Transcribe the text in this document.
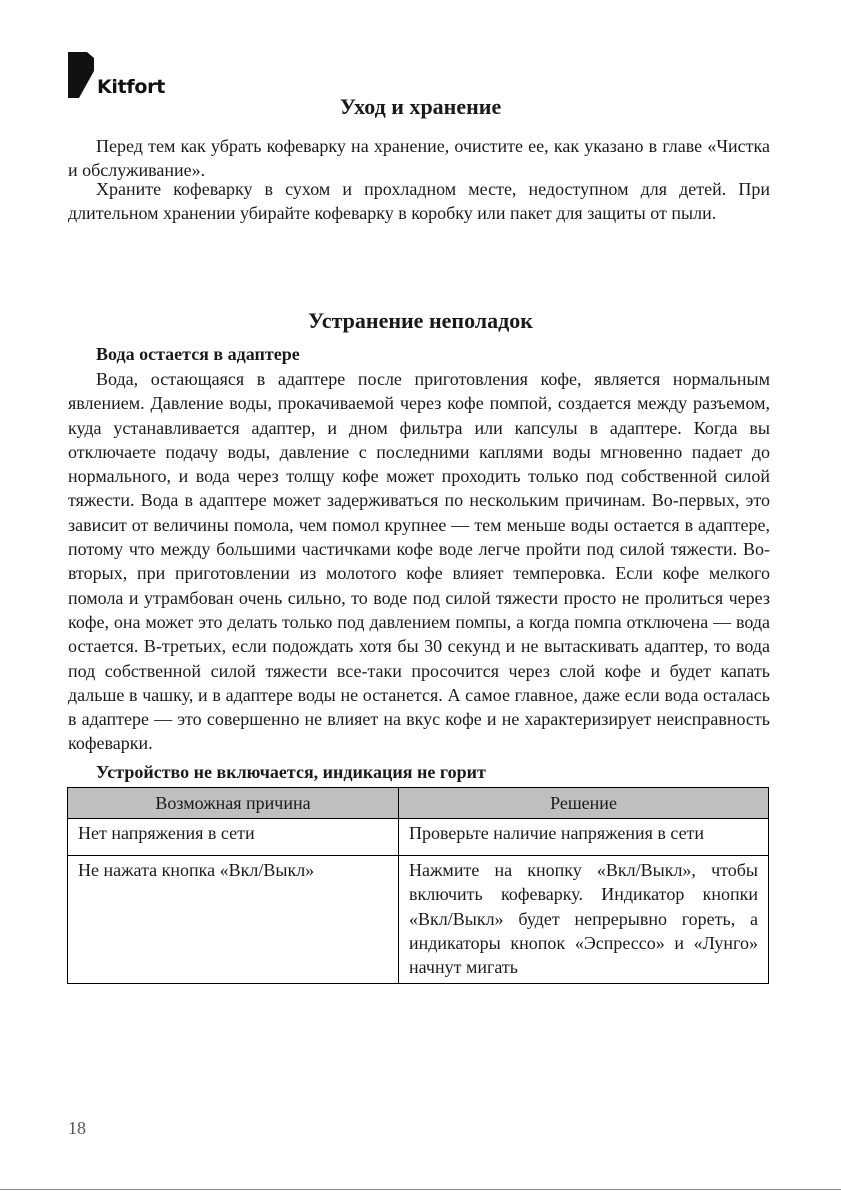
Kitfort
Уход и хранение

Перед тем как убрать кофеварку на хранение, очистите ее, как указано в главе «Чистка и обслуживание».

Храните кофеварку в сухом и прохладном месте, недоступном для детей. При длительном хранении убирайте кофеварку в коробку или пакет для защиты от пыли.

Устранение неполадок
Вода остается в адаптере

Вода, остающаяся в адаптере после приготовления кофе, является нормальным явлением. Давление воды, прокачиваемой через кофе помпой, создается между разъемом, куда устанавливается адаптер, и дном фильтра или капсулы в адаптере. Когда вы отключаете подачу воды, давление с последними каплями воды мгновенно падает до нормального, и вода через толщу кофе может проходить только под собственной силой тяжести. Вода в адаптере может задерживаться по нескольким причинам. Во-первых, это зависит от величины помола, чем помол крупнее — тем меньше воды остается в адаптере, потому что между большими частичками кофе воде легче пройти под силой тяжести. Во-вторых, при приготовлении из молотого кофе влияет темперовка. Если кофе мелкого помола и утрамбован очень сильно, то воде под силой тяжести просто не пролиться через кофе, она может это делать только под давлением помпы, а когда помпа отключена — вода остается. В-третьих, если подождать хотя бы 30 секунд и не вытаскивать адаптер, то вода под собственной силой тяжести все-таки просочится через слой кофе и будет капать дальше в чашку, и в адаптере воды не останется. А самое главное, даже если вода осталась в адаптере — это совершенно не влияет на вкус кофе и не характеризирует неисправность кофеварки.

Устройство не включается, индикация не горит
Возможная причина	Решение
Нет напряжения в сети	Проверьте наличие напряжения в сети
Не нажата кнопка «Вкл/Выкл»	Нажмите на кнопку «Вкл/Выкл», чтобы включить кофеварку. Индикатор кнопки «Вкл/Выкл» будет непрерывно гореть, а индикаторы кнопок «Эспрессо» и «Лунго» начнут мигать
18
